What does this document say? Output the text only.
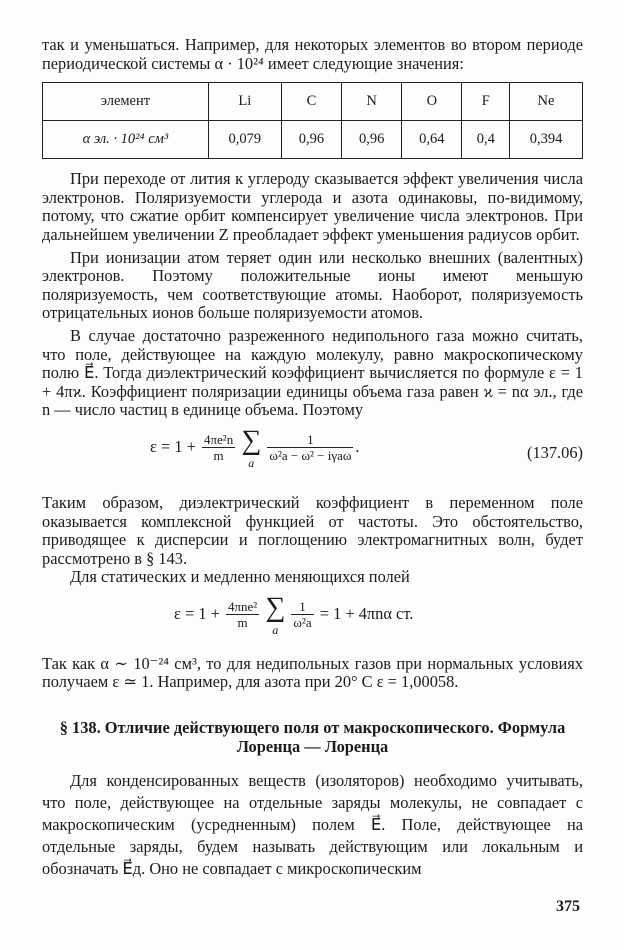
так и уменьшаться. Например, для некоторых элементов во втором периоде периодической системы α · 10²⁴ имеет следующие значения:

элемент	Li	C	N	O	F	Ne
α эл. · 10²⁴ см³	0,079	0,96	0,96	0,64	0,4	0,394

При переходе от лития к углероду сказывается эффект увеличения числа электронов. Поляризуемости углерода и азота одинаковы, по-видимому, потому, что сжатие орбит компенсирует увеличение числа электронов. При дальнейшем увеличении Z преобладает эффект уменьшения радиусов орбит.

При ионизации атом теряет один или несколько внешних (валентных) электронов. Поэтому положительные ионы имеют меньшую поляризуемость, чем соответствующие атомы. Наоборот, поляризуемость отрицательных ионов больше поляризуемости атомов.

В случае достаточно разреженного недипольного газа можно считать, что поле, действующее на каждую молекулу, равно макроскопическому полю E⃗. Тогда диэлектрический коэффициент вычисляется по формуле ε = 1 + 4πϰ. Коэффициент поляризации единицы объема газа равен ϰ = nα эл., где n — число частиц в единице объема. Поэтому

$\varepsilon = 1 + \frac{\text{4πe²n}}{m}$
∑
a
	$\frac{1}{\text{ω²a − ω² − iγaω}}$ .	(137.06)

Таким образом, диэлектрический коэффициент в переменном поле оказывается комплексной функцией от частоты. Это обстоятельство, приводящее к дисперсии и поглощению электромагнитных волн, будет рассмотрено в § 143.

Для статических и медленно меняющихся полей

$\varepsilon = 1 + \frac{\text{4πne²}}{m}$
∑
a
	$\frac{1}{\text{ω²a}} = 1 + 4\pi n\alpha$ ст.

Так как α ∼ 10⁻²⁴ см³, то для недипольных газов при нормальных условиях получаем ε ≃ 1. Например, для азота при 20° C ε = 1,00058.

§ 138. Отличие действующего поля от макроскопического. Формула Лоренца — Лоренца

Для конденсированных веществ (изоляторов) необходимо учитывать, что поле, действующее на отдельные заряды молекулы, не совпадает с макроскопическим (усредненным) полем E⃗. Поле, действующее на отдельные заряды, будем называть действующим или локальным и обозначать E⃗д. Оно не совпадает с микроскопическим

375
